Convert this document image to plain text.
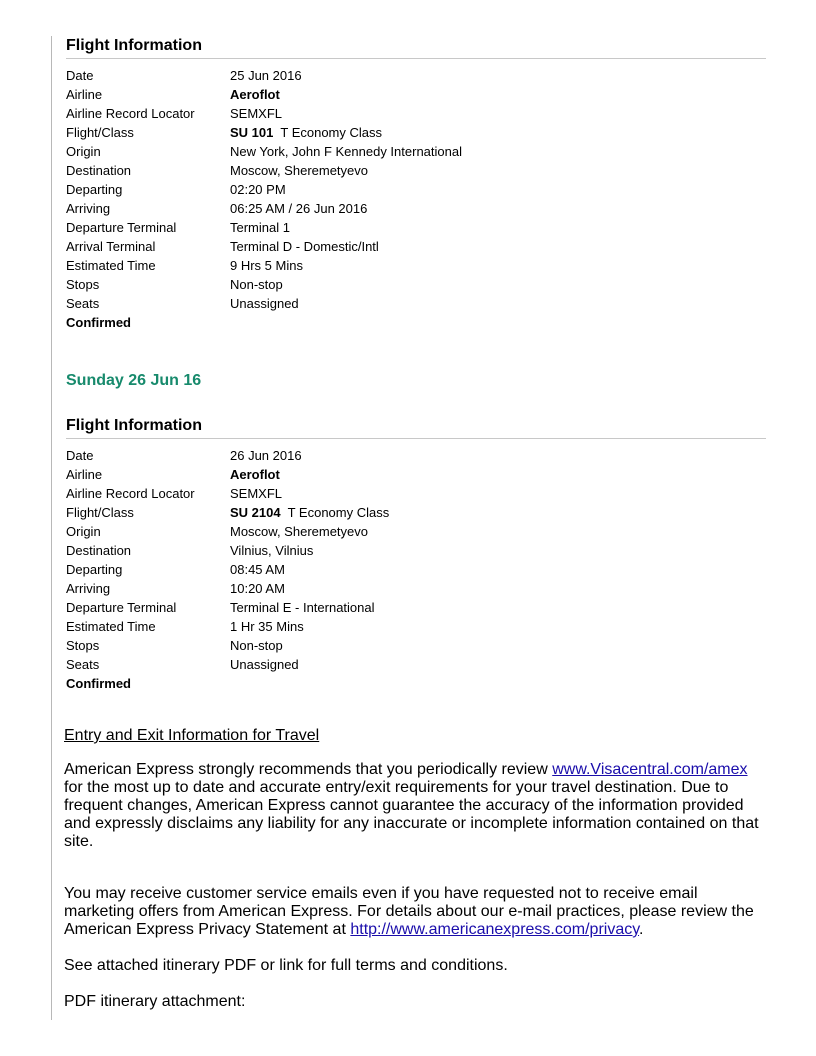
Flight Information
Date	25 Jun 2016
Airline	Aeroflot
Airline Record Locator	SEMXFL
Flight/Class	SU 101 T Economy Class
Origin	New York, John F Kennedy International
Destination	Moscow, Sheremetyevo
Departing	02:20 PM
Arriving	06:25 AM / 26 Jun 2016
Departure Terminal	Terminal 1
Arrival Terminal	Terminal D - Domestic/Intl
Estimated Time	9 Hrs 5 Mins
Stops	Non-stop
Seats	Unassigned
Confirmed
Sunday 26 Jun 16
Flight Information
Date	26 Jun 2016
Airline	Aeroflot
Airline Record Locator	SEMXFL
Flight/Class	SU 2104 T Economy Class
Origin	Moscow, Sheremetyevo
Destination	Vilnius, Vilnius
Departing	08:45 AM
Arriving	10:20 AM
Departure Terminal	Terminal E - International
Estimated Time	1 Hr 35 Mins
Stops	Non-stop
Seats	Unassigned
Confirmed
Entry and Exit Information for Travel

American Express strongly recommends that you periodically review www.Visacentral.com/amex for the most up to date and accurate entry/exit requirements for your travel destination. Due to frequent changes, American Express cannot guarantee the accuracy of the information provided and expressly disclaims any liability for any inaccurate or incomplete information contained on that site.

You may receive customer service emails even if you have requested not to receive email marketing offers from American Express. For details about our e-mail practices, please review the American Express Privacy Statement at http://www.americanexpress.com/privacy.

See attached itinerary PDF or link for full terms and conditions.
PDF itinerary attachment:
